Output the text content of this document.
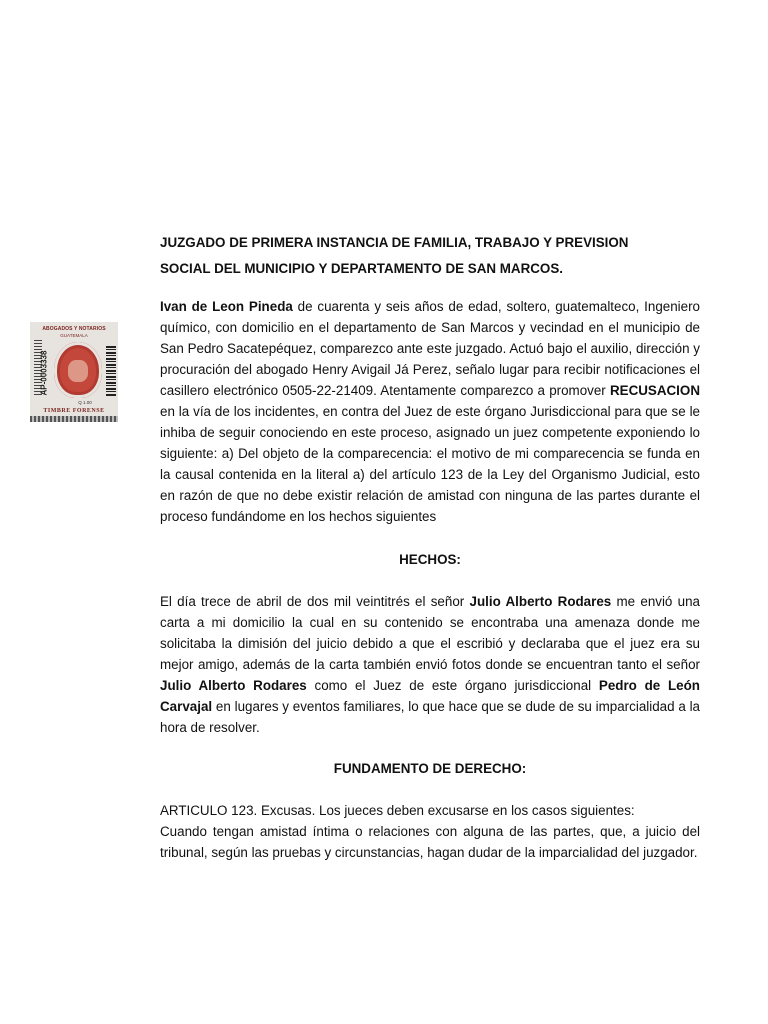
ABOGADOS Y NOTARIOS
GUATEMALA
AP-0003338
Q 1.00
TIMBRE FORENSE
JUZGADO DE PRIMERA INSTANCIA DE FAMILIA, TRABAJO Y PREVISION
SOCIAL DEL MUNICIPIO Y DEPARTAMENTO DE SAN MARCOS.

Ivan de Leon Pineda de cuarenta y seis años de edad, soltero, guatemalteco, Ingeniero químico, con domicilio en el departamento de San Marcos y vecindad en el municipio de San Pedro Sacatepéquez, comparezco ante este juzgado. Actuó bajo el auxilio, dirección y procuración del abogado Henry Avigail Já Perez, señalo lugar para recibir notificaciones el casillero electrónico 0505-22-21409. Atentamente comparezco a promover RECUSACION en la vía de los incidentes, en contra del Juez de este órgano Jurisdiccional para que se le inhiba de seguir conociendo en este proceso, asignado un juez competente exponiendo lo siguiente: a) Del objeto de la comparecencia: el motivo de mi comparecencia se funda en la causal contenida en la literal a) del artículo 123 de la Ley del Organismo Judicial, esto en razón de que no debe existir relación de amistad con ninguna de las partes durante el proceso fundándome en los hechos siguientes

HECHOS:

El día trece de abril de dos mil veintitrés el señor Julio Alberto Rodares me envió una carta a mi domicilio la cual en su contenido se encontraba una amenaza donde me solicitaba la dimisión del juicio debido a que el escribió y declaraba que el juez era su mejor amigo, además de la carta también envió fotos donde se encuentran tanto el señor Julio Alberto Rodares como el Juez de este órgano jurisdiccional Pedro de León Carvajal en lugares y eventos familiares, lo que hace que se dude de su imparcialidad a la hora de resolver.

FUNDAMENTO DE DERECHO:

ARTICULO 123. Excusas. Los jueces deben excusarse en los casos siguientes:

Cuando tengan amistad íntima o relaciones con alguna de las partes, que, a juicio del tribunal, según las pruebas y circunstancias, hagan dudar de la imparcialidad del juzgador.
